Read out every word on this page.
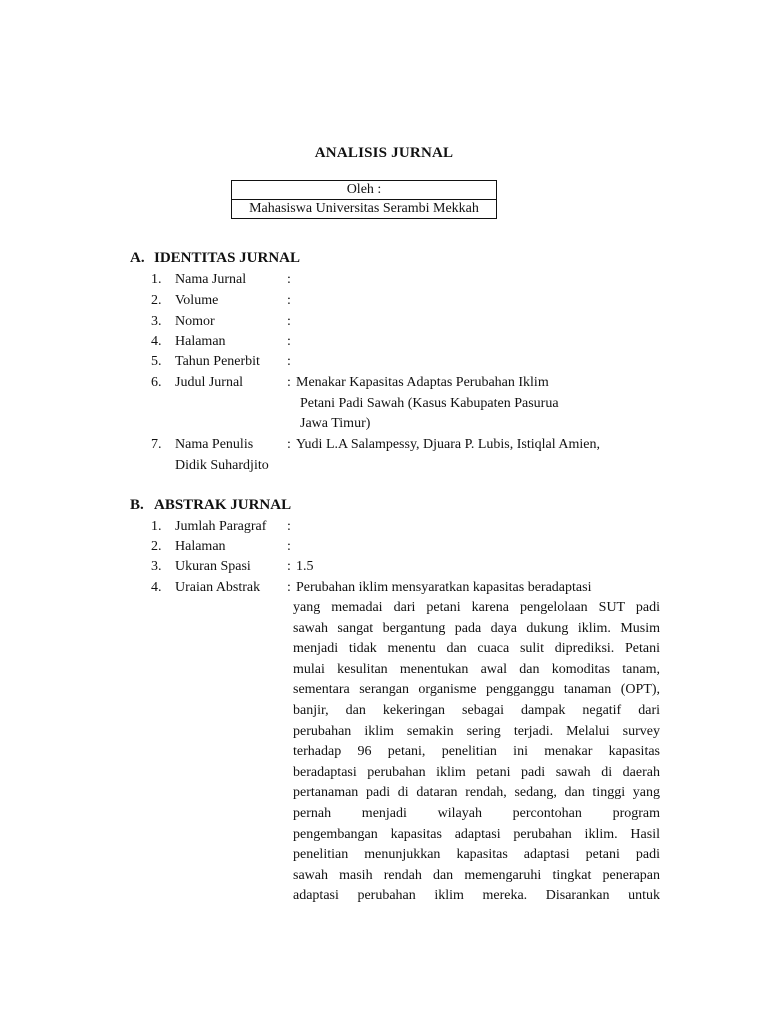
ANALISIS JURNAL
Oleh :
Mahasiswa Universitas Serambi Mekkah
A. IDENTITAS JURNAL
1. Nama Jurnal	:
2. Volume	:
3. Nomor	:
4. Halaman	:
5. Tahun Penerbit :
6. Judul Jurnal	: Menakar Kapasitas Adaptas Perubahan Iklim
Petani Padi Sawah (Kasus Kabupaten Pasurua
Jawa Timur)
7. Nama Penulis : Yudi L.A Salampessy, Djuara P. Lubis, Istiqlal Amien,
Didik Suhardjito
B. ABSTRAK JURNAL
1. Jumlah Paragraf :
2. Halaman	:
3. Ukuran Spasi	: 1.5
4. Uraian Abstrak : Perubahan iklim mensyaratkan kapasitas beradaptasi
yang memadai dari petani karena pengelolaan SUT padi
sawah sangat bergantung pada daya dukung iklim. Musim
menjadi tidak menentu dan cuaca sulit diprediksi. Petani
mulai kesulitan menentukan awal dan komoditas tanam,
sementara serangan organisme pengganggu tanaman (OPT),
banjir, dan kekeringan sebagai dampak negatif dari
perubahan iklim semakin sering terjadi. Melalui survey
terhadap 96 petani, penelitian ini menakar kapasitas
beradaptasi perubahan iklim petani padi sawah di daerah
pertanaman padi di dataran rendah, sedang, dan tinggi yang
pernah menjadi wilayah percontohan program
pengembangan kapasitas adaptasi perubahan iklim. Hasil
penelitian menunjukkan kapasitas adaptasi petani padi
sawah masih rendah dan memengaruhi tingkat penerapan
adaptasi perubahan iklim mereka. Disarankan untuk
